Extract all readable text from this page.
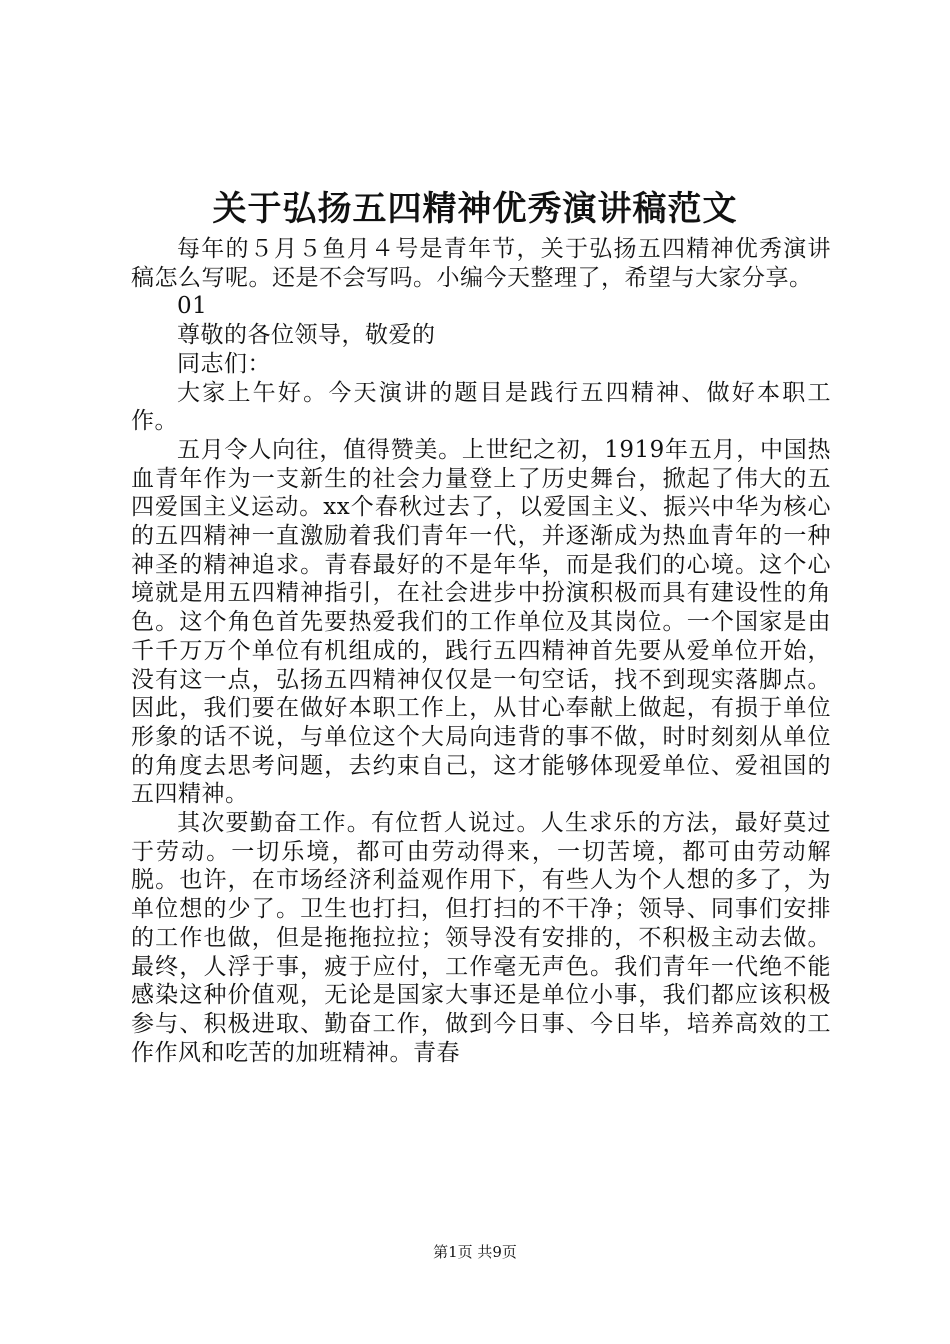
关于弘扬五四精神优秀演讲稿范文

每年的５月５鱼月４号是青年节，关于弘扬五四精神优秀演讲稿怎么写呢。还是不会写吗。小编今天整理了，希望与大家分享。

01

尊敬的各位领导，敬爱的

同志们：

大家上午好。今天演讲的题目是践行五四精神、做好本职工作。

五月令人向往，值得赞美。上世纪之初，1919年五月，中国热血青年作为一支新生的社会力量登上了历史舞台，掀起了伟大的五四爱国主义运动。xx个春秋过去了，以爱国主义、振兴中华为核心的五四精神一直激励着我们青年一代，并逐渐成为热血青年的一种神圣的精神追求。青春最好的不是年华，而是我们的心境。这个心境就是用五四精神指引，在社会进步中扮演积极而具有建设性的角色。这个角色首先要热爱我们的工作单位及其岗位。一个国家是由千千万万个单位有机组成的，践行五四精神首先要从爱单位开始，没有这一点，弘扬五四精神仅仅是一句空话，找不到现实落脚点。因此，我们要在做好本职工作上，从甘心奉献上做起，有损于单位形象的话不说，与单位这个大局向违背的事不做，时时刻刻从单位的角度去思考问题，去约束自己，这才能够体现爱单位、爱祖国的五四精神。

其次要勤奋工作。有位哲人说过。人生求乐的方法，最好莫过于劳动。一切乐境，都可由劳动得来，一切苦境，都可由劳动解脱。也许，在市场经济利益观作用下，有些人为个人想的多了，为单位想的少了。卫生也打扫，但打扫的不干净；领导、同事们安排的工作也做，但是拖拖拉拉；领导没有安排的，不积极主动去做。最终，人浮于事，疲于应付，工作毫无声色。我们青年一代绝不能感染这种价值观，无论是国家大事还是单位小事，我们都应该积极参与、积极进取、勤奋工作，做到今日事、今日毕，培养高效的工作作风和吃苦的加班精神。青春

第1页 共9页
